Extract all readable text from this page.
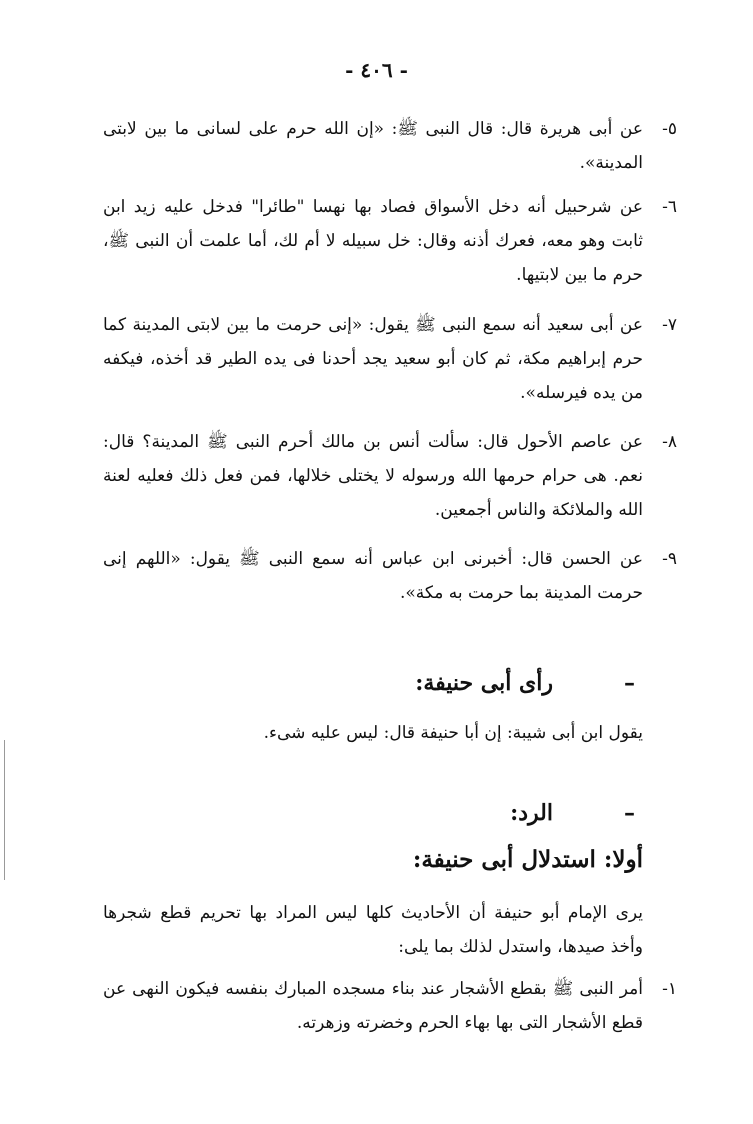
- ٤٠٦ -
٥-
عن أبى هريرة قال: قال النبى ﷺ: «إن الله حرم على لسانى ما بين لابتى المدينة».
٦-
عن شرحبيل أنه دخل الأسواق فصاد بها نهسا "طائرا" فدخل عليه زيد ابن ثابت وهو معه، فعرك أذنه وقال: خل سبيله لا أم لك، أما علمت أن النبى ﷺ، حرم ما بين لابتيها.
٧-
عن أبى سعيد أنه سمع النبى ﷺ يقول: «إنى حرمت ما بين لابتى المدينة كما حرم إبراهيم مكة، ثم كان أبو سعيد يجد أحدنا فى يده الطير قد أخذه، فيكفه من يده فيرسله».
٨-
عن عاصم الأحول قال: سألت أنس بن مالك أحرم النبى ﷺ المدينة؟ قال: نعم. هى حرام حرمها الله ورسوله لا يختلى خلالها، فمن فعل ذلك فعليه لعنة الله والملائكة والناس أجمعين.
٩-
عن الحسن قال: أخبرنى ابن عباس أنه سمع النبى ﷺ يقول: «اللهم إنى حرمت المدينة بما حرمت به مكة».
–
رأى أبى حنيفة:
يقول ابن أبى شيبة: إن أبا حنيفة قال: ليس عليه شىء.
–
الرد:
أولا: استدلال أبى حنيفة:
يرى الإمام أبو حنيفة أن الأحاديث كلها ليس المراد بها تحريم قطع شجرها وأخذ صيدها، واستدل لذلك بما يلى:
١-
أمر النبى ﷺ بقطع الأشجار عند بناء مسجده المبارك بنفسه فيكون النهى عن قطع الأشجار التى بها بهاء الحرم وخضرته وزهرته.
